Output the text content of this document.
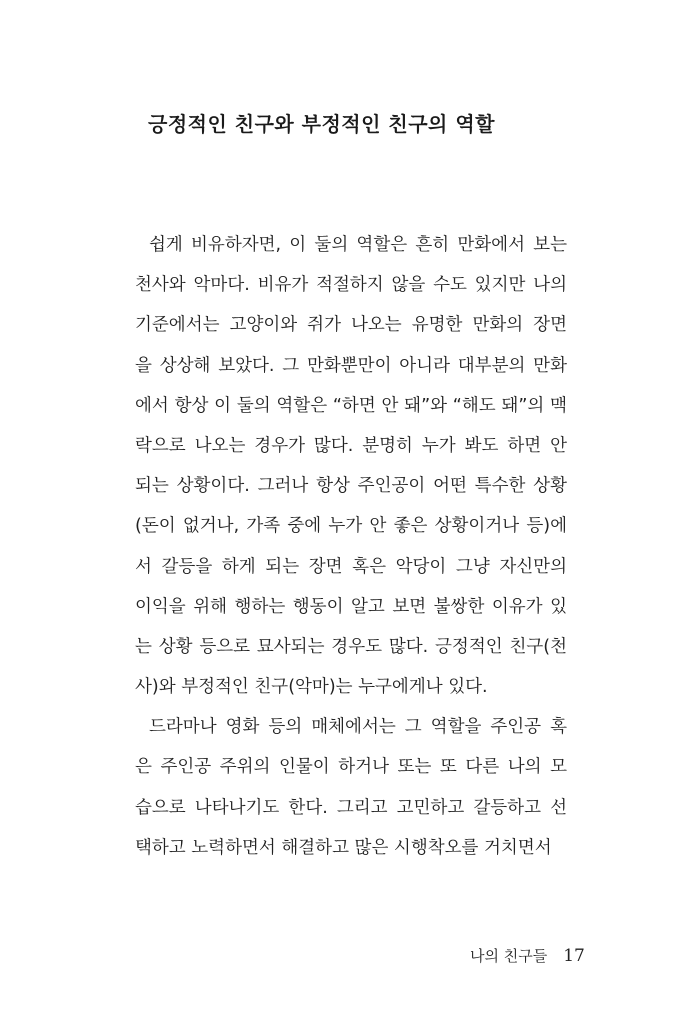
긍정적인 친구와 부정적인 친구의 역할
쉽게 비유하자면, 이 둘의 역할은 흔히 만화에서 보는
천사와 악마다. 비유가 적절하지 않을 수도 있지만 나의
기준에서는 고양이와 쥐가 나오는 유명한 만화의 장면
을 상상해 보았다. 그 만화뿐만이 아니라 대부분의 만화
에서 항상 이 둘의 역할은 “하면 안 돼”와 “해도 돼”의 맥
락으로 나오는 경우가 많다. 분명히 누가 봐도 하면 안
되는 상황이다. 그러나 항상 주인공이 어떤 특수한 상황
(돈이 없거나, 가족 중에 누가 안 좋은 상황이거나 등)에
서 갈등을 하게 되는 장면 혹은 악당이 그냥 자신만의
이익을 위해 행하는 행동이 알고 보면 불쌍한 이유가 있
는 상황 등으로 묘사되는 경우도 많다. 긍정적인 친구(천
사)와 부정적인 친구(악마)는 누구에게나 있다.
드라마나 영화 등의 매체에서는 그 역할을 주인공 혹
은 주인공 주위의 인물이 하거나 또는 또 다른 나의 모
습으로 나타나기도 한다. 그리고 고민하고 갈등하고 선
택하고 노력하면서 해결하고 많은 시행착오를 거치면서
나의 친구들 17
